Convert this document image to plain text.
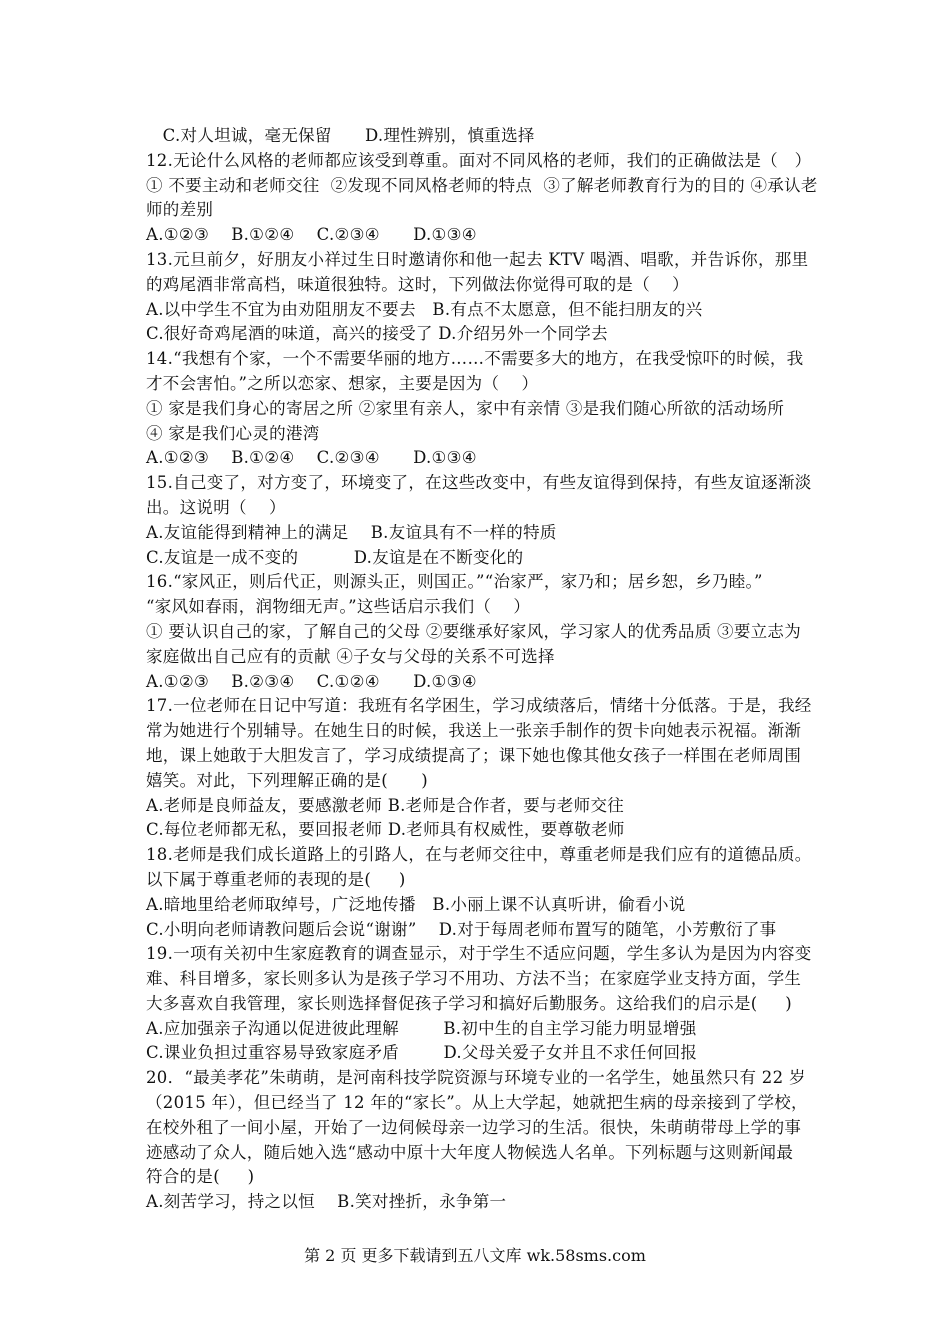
C.对人坦诚，毫无保留      D.理性辨别，慎重选择
12.无论什么风格的老师都应该受到尊重。面对不同风格的老师，我们的正确做法是（   ）
① 不要主动和老师交往  ②发现不同风格老师的特点  ③了解老师教育行为的目的 ④承认老
师的差别
A.①②③    B.①②④    C.②③④      D.①③④
13.元旦前夕，好朋友小祥过生日时邀请你和他一起去 KTV 喝酒、唱歌，并告诉你，那里
的鸡尾酒非常高档，味道很独特。这时，下列做法你觉得可取的是（    ）
A.以中学生不宜为由劝阻朋友不要去   B.有点不太愿意，但不能扫朋友的兴
C.很好奇鸡尾酒的味道，高兴的接受了 D.介绍另外一个同学去
14.“我想有个家，一个不需要华丽的地方……不需要多大的地方，在我受惊吓的时候，我
才不会害怕。”之所以恋家、想家，主要是因为（    ）
① 家是我们身心的寄居之所 ②家里有亲人，家中有亲情 ③是我们随心所欲的活动场所
④ 家是我们心灵的港湾
A.①②③    B.①②④    C.②③④      D.①③④
15.自己变了，对方变了，环境变了，在这些改变中，有些友谊得到保持，有些友谊逐渐淡
出。这说明（    ）
A.友谊能得到精神上的满足    B.友谊具有不一样的特质
C.友谊是一成不变的          D.友谊是在不断变化的
16.“家风正，则后代正，则源头正，则国正。”“治家严，家乃和；居乡恕，乡乃睦。”
“家风如春雨，润物细无声。”这些话启示我们（    ）
① 要认识自己的家，了解自己的父母 ②要继承好家风，学习家人的优秀品质 ③要立志为
家庭做出自己应有的贡献 ④子女与父母的关系不可选择
A.①②③    B.②③④    C.①②④      D.①③④
17.一位老师在日记中写道：我班有名学困生，学习成绩落后，情绪十分低落。于是，我经
常为她进行个别辅导。在她生日的时候，我送上一张亲手制作的贺卡向她表示祝福。渐渐
地，课上她敢于大胆发言了，学习成绩提高了；课下她也像其他女孩子一样围在老师周围
嬉笑。对此，下列理解正确的是(      )
A.老师是良师益友，要感激老师 B.老师是合作者，要与老师交往
C.每位老师都无私，要回报老师 D.老师具有权威性，要尊敬老师
18.老师是我们成长道路上的引路人，在与老师交往中，尊重老师是我们应有的道德品质。
以下属于尊重老师的表现的是(     )
A.暗地里给老师取绰号，广泛地传播   B.小丽上课不认真听讲，偷看小说
C.小明向老师请教问题后会说“谢谢”    D.对于每周老师布置写的随笔，小芳敷衍了事
19.一项有关初中生家庭教育的调查显示，对于学生不适应问题，学生多认为是因为内容变
难、科目增多，家长则多认为是孩子学习不用功、方法不当；在家庭学业支持方面，学生
大多喜欢自我管理，家长则选择督促孩子学习和搞好后勤服务。这给我们的启示是(     )
A.应加强亲子沟通以促进彼此理解        B.初中生的自主学习能力明显增强
C.课业负担过重容易导致家庭矛盾        D.父母关爱子女并且不求任何回报
20．“最美孝花”朱萌萌，是河南科技学院资源与环境专业的一名学生，她虽然只有 22 岁
（2015 年），但已经当了 12 年的“家长”。从上大学起，她就把生病的母亲接到了学校，
在校外租了一间小屋，开始了一边伺候母亲一边学习的生活。很快，朱萌萌带母上学的事
迹感动了众人，随后她入选“感动中原十大年度人物候选人名单。下列标题与这则新闻最
符合的是(     )
A.刻苦学习，持之以恒    B.笑对挫折，永争第一
第 2 页 更多下载请到五八文库 wk.58sms.com
